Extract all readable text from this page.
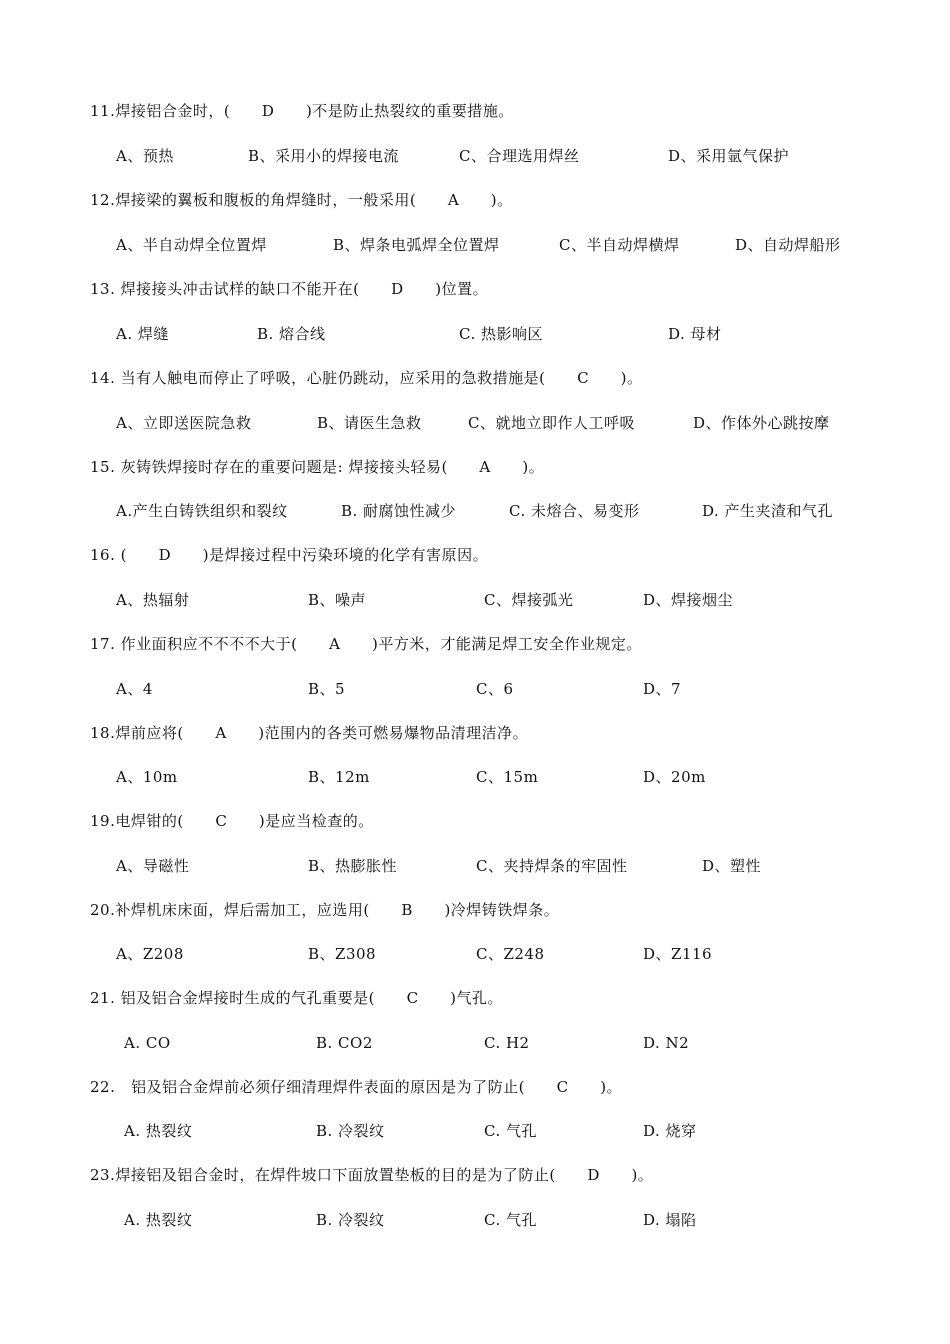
11.焊接铝合金时，(      D      )不是防止热裂纹的重要措施。
A、预热	B、采用小的焊接电流	C、合理选用焊丝	D、采用氩气保护
12.焊接梁的翼板和腹板的角焊缝时，一般采用(      A      )。
A、半自动焊全位置焊	B、焊条电弧焊全位置焊	C、半自动焊横焊	D、自动焊船形
13. 焊接接头冲击试样的缺口不能开在(      D      )位置。
A. 焊缝	B. 熔合线	C. 热影响区	D. 母材
14. 当有人触电而停止了呼吸，心脏仍跳动，应采用的急救措施是(      C      )。
A、立即送医院急救	B、请医生急救	C、就地立即作人工呼吸	D、作体外心跳按摩
15. 灰铸铁焊接时存在的重要问题是: 焊接接头轻易(      A      )。
A.产生白铸铁组织和裂纹	B. 耐腐蚀性减少	C. 未熔合、易变形	D. 产生夹渣和气孔
16. (      D      )是焊接过程中污染环境的化学有害原因。
A、热辐射	B、噪声	C、焊接弧光	D、焊接烟尘
17. 作业面积应不不不不大于(      A      )平方米，才能满足焊工安全作业规定。
A、4	B、5	C、6	D、7
18.焊前应将(      A      )范围内的各类可燃易爆物品清理洁净。
A、10m	B、12m	C、15m	D、20m
19.电焊钳的(      C      )是应当检查的。
A、导磁性	B、热膨胀性	C、夹持焊条的牢固性	D、塑性
20.补焊机床床面，焊后需加工，应选用(      B      )冷焊铸铁焊条。
A、Z208	B、Z308	C、Z248	D、Z116
21. 铝及铝合金焊接时生成的气孔重要是(      C      )气孔。
A. CO	B. CO2	C. H2	D. N2
22.   铝及铝合金焊前必须仔细清理焊件表面的原因是为了防止(      C      )。
A. 热裂纹	B. 冷裂纹	C. 气孔	D. 烧穿
23.焊接铝及铝合金时，在焊件坡口下面放置垫板的目的是为了防止(      D      )。
A. 热裂纹	B. 冷裂纹	C. 气孔	D. 塌陷
